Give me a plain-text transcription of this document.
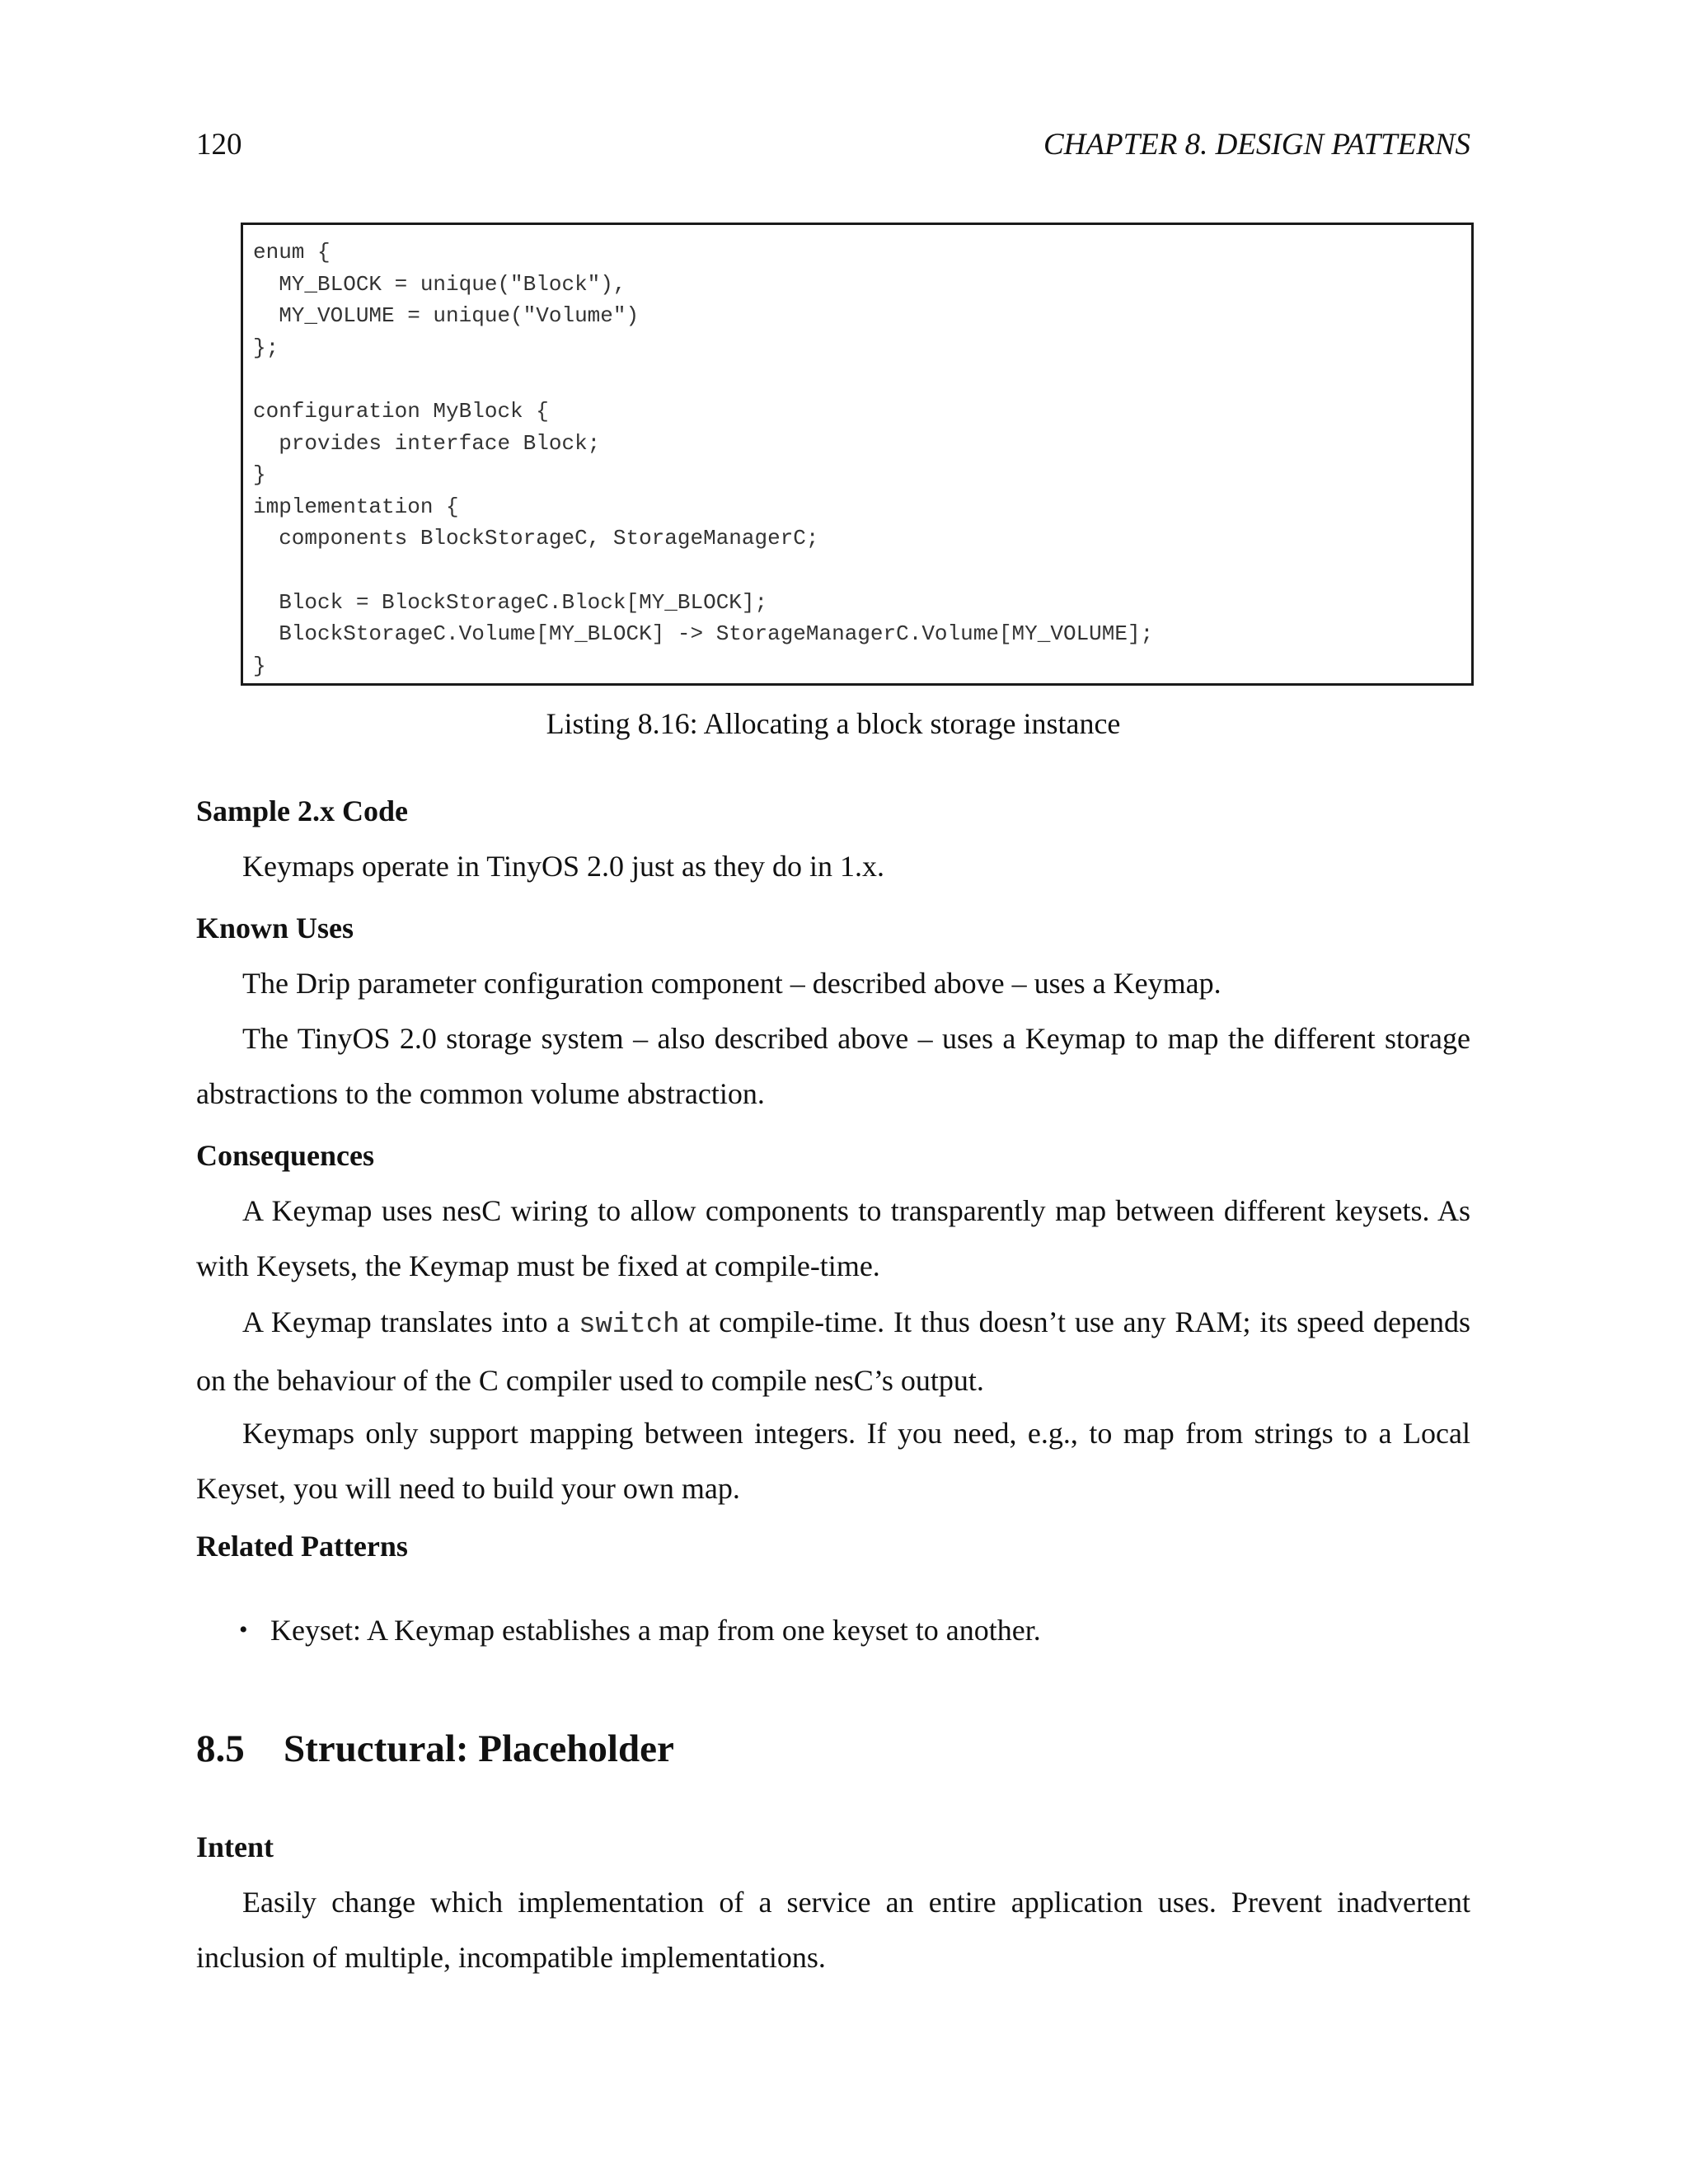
120	CHAPTER 8. DESIGN PATTERNS
enum {
MY_BLOCK = unique("Block"),
MY_VOLUME = unique("Volume")
};
configuration MyBlock {
provides interface Block;
}
implementation {
components BlockStorageC, StorageManagerC;
Block = BlockStorageC.Block[MY_BLOCK];
BlockStorageC.Volume[MY_BLOCK] -> StorageManagerC.Volume[MY_VOLUME];
}
Listing 8.16: Allocating a block storage instance
Sample 2.x Code
Keymaps operate in TinyOS 2.0 just as they do in 1.x.
Known Uses
The Drip parameter configuration component – described above – uses a Keymap.
The TinyOS 2.0 storage system – also described above – uses a Keymap to map the different storage abstractions to the common volume abstraction.
Consequences
A Keymap uses nesC wiring to allow components to transparently map between different keysets. As with Keysets, the Keymap must be fixed at compile-time.
A Keymap translates into a switch at compile-time. It thus doesn’t use any RAM; its speed depends on the behaviour of the C compiler used to compile nesC’s output.
Keymaps only support mapping between integers. If you need, e.g., to map from strings to a Local Keyset, you will need to build your own map.
Related Patterns
• Keyset: A Keymap establishes a map from one keyset to another.
8.5 Structural: Placeholder
Intent
Easily change which implementation of a service an entire application uses. Prevent inadvertent inclusion of multiple, incompatible implementations.
